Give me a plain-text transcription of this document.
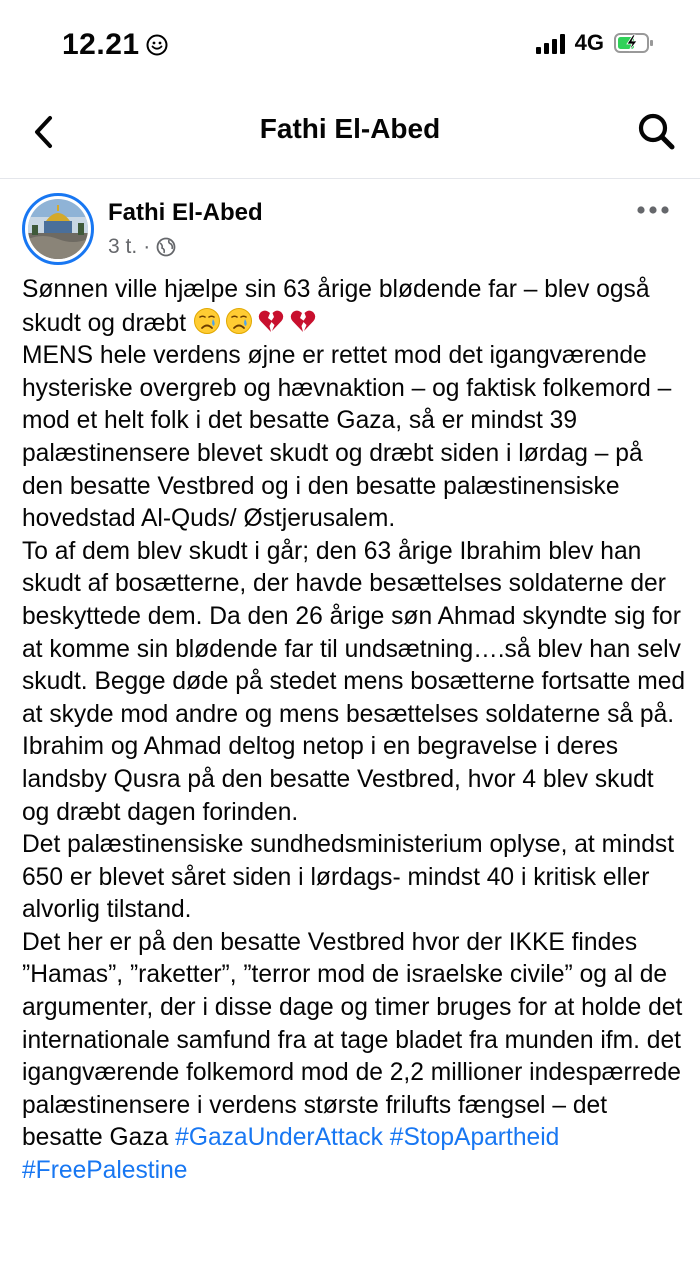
12.21	4G
Fathi El-Abed
Fathi El-Abed
3 t. ·

Sønnen ville hjælpe sin 63 årige blødende far – blev også skudt og dræbt

MENS hele verdens øjne er rettet mod det igangværende hysteriske overgreb og hævnaktion – og faktisk folkemord – mod et helt folk i det besatte Gaza, så er mindst 39 palæstinensere blevet skudt og dræbt siden i lørdag – på den besatte Vestbred og i den besatte palæstinensiske hovedstad Al-Quds/ Østjerusalem.

To af dem blev skudt i går; den 63 årige Ibrahim blev han skudt af bosætterne, der havde besættelses soldaterne der beskyttede dem. Da den 26 årige søn Ahmad skyndte sig for at komme sin blødende far til undsætning….så blev han selv skudt. Begge døde på stedet mens bosætterne fortsatte med at skyde mod andre og mens besættelses soldaterne så på.

Ibrahim og Ahmad deltog netop i en begravelse i deres landsby Qusra på den besatte Vestbred, hvor 4 blev skudt og dræbt dagen forinden.

Det palæstinensiske sundhedsministerium oplyse, at mindst 650 er blevet såret siden i lørdags- mindst 40 i kritisk eller alvorlig tilstand.

Det her er på den besatte Vestbred hvor der IKKE findes ”Hamas”, ”raketter”, ”terror mod de israelske civile” og al de argumenter, der i disse dage og timer bruges for at holde det internationale samfund fra at tage bladet fra munden ifm. det igangværende folkemord mod de 2,2 millioner indespærrede palæstinensere i verdens største frilufts fængsel – det besatte Gaza #GazaUnderAttack #StopApartheid #FreePalestine
